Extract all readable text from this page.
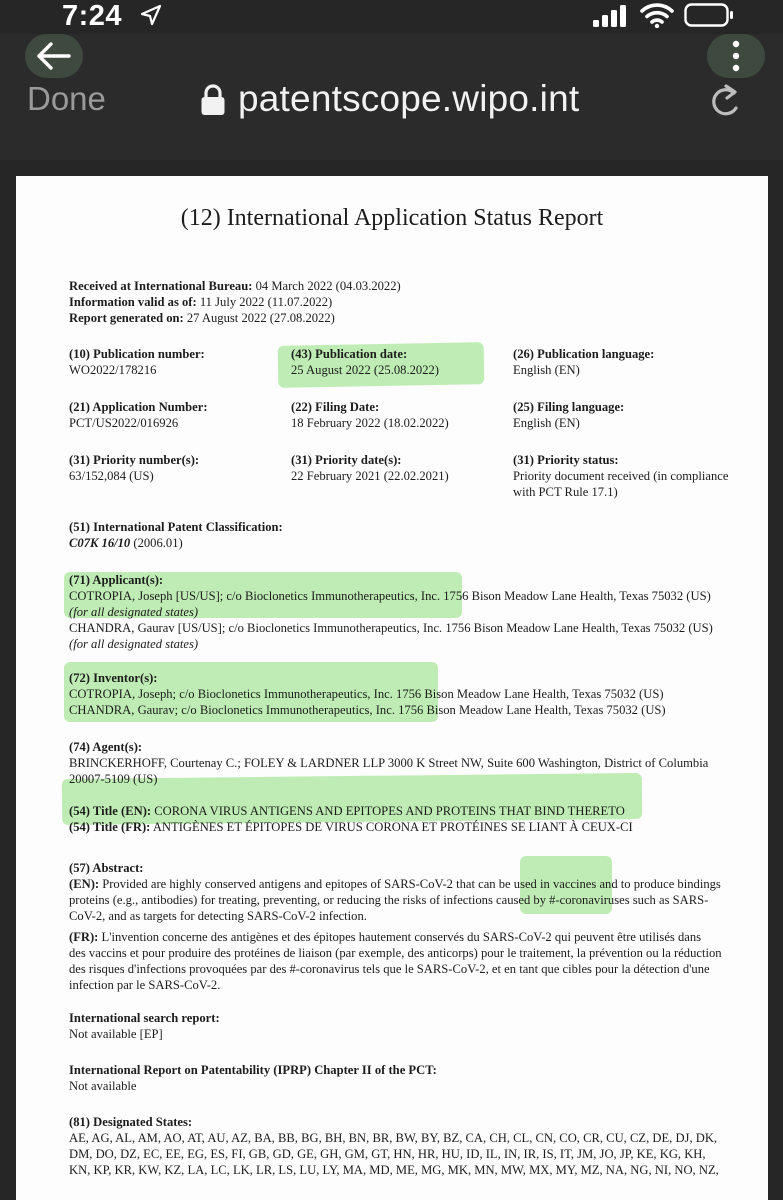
7:24
Done	patentscope.wipo.int
(12) International Application Status Report

Received at International Bureau: 04 March 2022 (04.03.2022)

Information valid as of: 11 July 2022 (11.07.2022)

Report generated on: 27 August 2022 (27.08.2022)

(10) Publication number:

WO2022/178216

(43) Publication date:

25 August 2022 (25.08.2022)

(26) Publication language:

English (EN)

(21) Application Number:

PCT/US2022/016926

(22) Filing Date:

18 February 2022 (18.02.2022)

(25) Filing language:

English (EN)

(31) Priority number(s):

63/152,084 (US)

(31) Priority date(s):

22 February 2021 (22.02.2021)

(31) Priority status:

Priority document received (in compliance

with PCT Rule 17.1)

(51) International Patent Classification:

C07K 16/10 (2006.01)

(71) Applicant(s):

COTROPIA, Joseph [US/US]; c/o Bioclonetics Immunotherapeutics, Inc. 1756 Bison Meadow Lane Health, Texas 75032 (US)

(for all designated states)

CHANDRA, Gaurav [US/US]; c/o Bioclonetics Immunotherapeutics, Inc. 1756 Bison Meadow Lane Health, Texas 75032 (US)

(for all designated states)

(72) Inventor(s):

COTROPIA, Joseph; c/o Bioclonetics Immunotherapeutics, Inc. 1756 Bison Meadow Lane Health, Texas 75032 (US)

CHANDRA, Gaurav; c/o Bioclonetics Immunotherapeutics, Inc. 1756 Bison Meadow Lane Health, Texas 75032 (US)

(74) Agent(s):

BRINCKERHOFF, Courtenay C.; FOLEY & LARDNER LLP 3000 K Street NW, Suite 600 Washington, District of Columbia

20007-5109 (US)

(54) Title (EN): CORONA VIRUS ANTIGENS AND EPITOPES AND PROTEINS THAT BIND THERETO

(54) Title (FR): ANTIGÈNES ET ÉPITOPES DE VIRUS CORONA ET PROTÉINES SE LIANT À CEUX-CI

(57) Abstract:

(EN): Provided are highly conserved antigens and epitopes of SARS-CoV-2 that can be used in vaccines and to produce bindings

proteins (e.g., antibodies) for treating, preventing, or reducing the risks of infections caused by #-coronaviruses such as SARS-

CoV-2, and as targets for detecting SARS-CoV-2 infection.

(FR): L'invention concerne des antigènes et des épitopes hautement conservés du SARS-CoV-2 qui peuvent être utilisés dans

des vaccins et pour produire des protéines de liaison (par exemple, des anticorps) pour le traitement, la prévention ou la réduction

des risques d'infections provoquées par des #-coronavirus tels que le SARS-CoV-2, et en tant que cibles pour la détection d'une

infection par le SARS-CoV-2.

International search report:

Not available [EP]

International Report on Patentability (IPRP) Chapter II of the PCT:

Not available

(81) Designated States:

AE, AG, AL, AM, AO, AT, AU, AZ, BA, BB, BG, BH, BN, BR, BW, BY, BZ, CA, CH, CL, CN, CO, CR, CU, CZ, DE, DJ, DK,

DM, DO, DZ, EC, EE, EG, ES, FI, GB, GD, GE, GH, GM, GT, HN, HR, HU, ID, IL, IN, IR, IS, IT, JM, JO, JP, KE, KG, KH,

KN, KP, KR, KW, KZ, LA, LC, LK, LR, LS, LU, LY, MA, MD, ME, MG, MK, MN, MW, MX, MY, MZ, NA, NG, NI, NO, NZ,
